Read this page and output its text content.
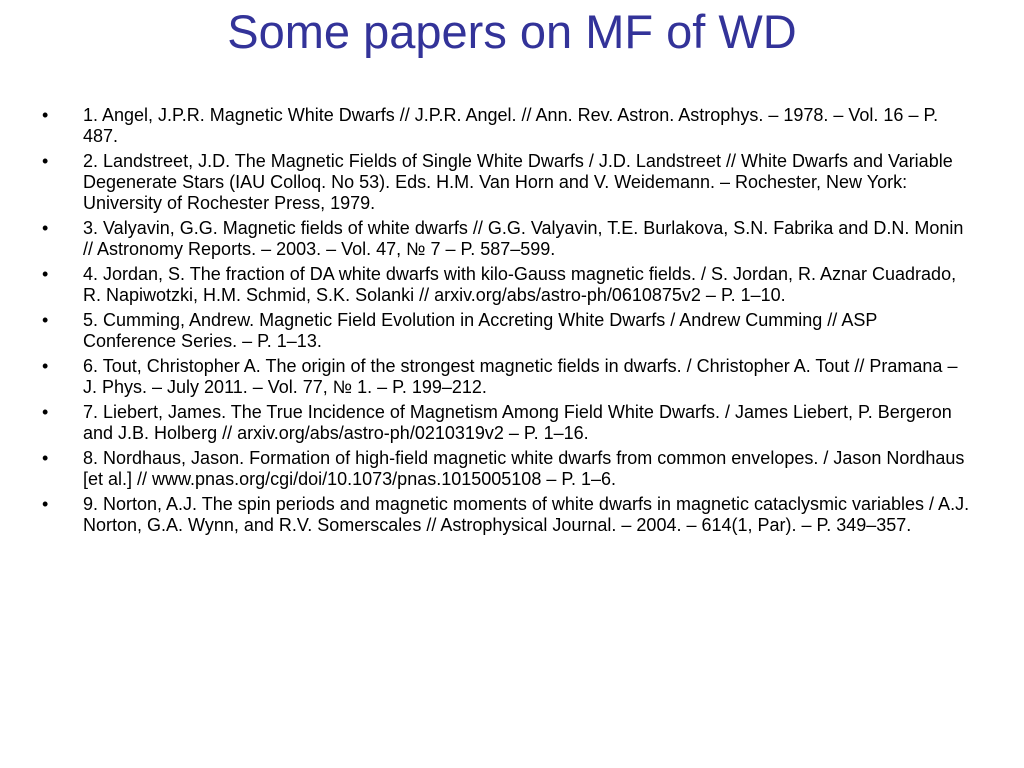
Some papers on MF of WD
•	1. Angel, J.P.R. Magnetic White Dwarfs // J.P.R. Angel. // Ann. Rev. Astron. Astrophys. – 1978. – Vol. 16 – P. 487.
•	2. Landstreet, J.D. The Magnetic Fields of Single White Dwarfs / J.D. Landstreet // White Dwarfs and Variable Degenerate Stars (IAU Colloq. No 53). Eds. H.M. Van Horn and V. Weidemann. – Rochester, New York: University of Rochester Press, 1979.
•	3. Valyavin, G.G. Magnetic fields of white dwarfs // G.G. Valyavin, T.E. Burlakova, S.N. Fabrika and D.N. Monin // Astronomy Reports. – 2003. – Vol. 47, № 7 – P. 587–599.
•	4. Jordan, S. The fraction of DA white dwarfs with kilo-Gauss magnetic fields. / S. Jordan, R. Aznar Cuadrado, R. Napiwotzki, H.M. Schmid, S.K. Solanki // arxiv.org/abs/astro-ph/0610875v2 – P. 1–10.
•	5. Cumming, Andrew. Magnetic Field Evolution in Accreting White Dwarfs / Andrew Cumming // ASP Conference Series. – P. 1–13.
•	6. Tout, Christopher A. The origin of the strongest magnetic fields in dwarfs. / Christopher A. Tout // Pramana – J. Phys. – July 2011. – Vol. 77, № 1. – P. 199–212.
•	7. Liebert, James. The True Incidence of Magnetism Among Field White Dwarfs. / James Liebert, P. Bergeron and J.B. Holberg // arxiv.org/abs/astro-ph/0210319v2 – P. 1–16.
•	8. Nordhaus, Jason. Formation of high-field magnetic white dwarfs from common envelopes. / Jason Nordhaus [et al.] // www.pnas.org/cgi/doi/10.1073/pnas.1015005108 – P. 1–6.
•	9. Norton, A.J. The spin periods and magnetic moments of white dwarfs in magnetic cataclysmic variables / A.J. Norton, G.A. Wynn, and R.V. Somerscales // Astrophysical Journal. – 2004. – 614(1, Par). – P. 349–357.
